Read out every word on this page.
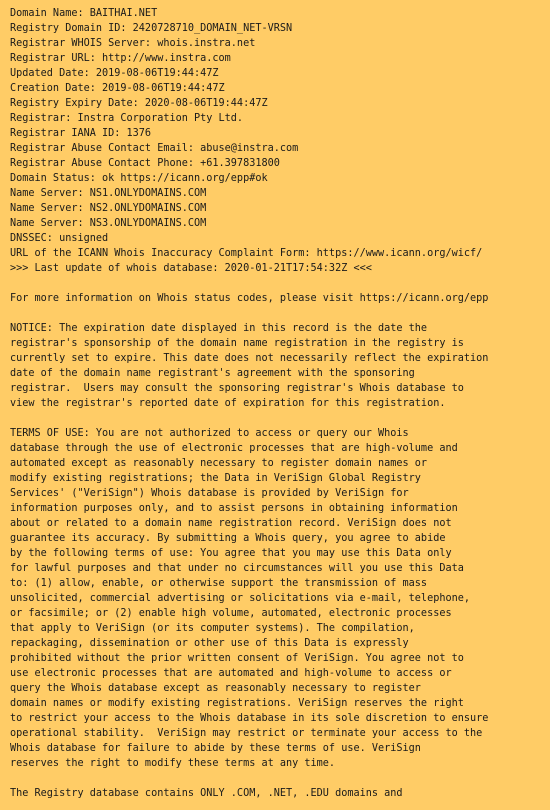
Domain Name: BAITHAI.NET
Registry Domain ID: 2420728710_DOMAIN_NET-VRSN
Registrar WHOIS Server: whois.instra.net
Registrar URL: http://www.instra.com
Updated Date: 2019-08-06T19:44:47Z
Creation Date: 2019-08-06T19:44:47Z
Registry Expiry Date: 2020-08-06T19:44:47Z
Registrar: Instra Corporation Pty Ltd.
Registrar IANA ID: 1376
Registrar Abuse Contact Email: abuse@instra.com
Registrar Abuse Contact Phone: +61.397831800
Domain Status: ok https://icann.org/epp#ok
Name Server: NS1.ONLYDOMAINS.COM
Name Server: NS2.ONLYDOMAINS.COM
Name Server: NS3.ONLYDOMAINS.COM
DNSSEC: unsigned
URL of the ICANN Whois Inaccuracy Complaint Form: https://www.icann.org/wicf/
>>> Last update of whois database: 2020-01-21T17:54:32Z <<<
For more information on Whois status codes, please visit https://icann.org/epp
NOTICE: The expiration date displayed in this record is the date the
registrar's sponsorship of the domain name registration in the registry is
currently set to expire. This date does not necessarily reflect the expiration
date of the domain name registrant's agreement with the sponsoring
registrar.  Users may consult the sponsoring registrar's Whois database to
view the registrar's reported date of expiration for this registration.
TERMS OF USE: You are not authorized to access or query our Whois
database through the use of electronic processes that are high-volume and
automated except as reasonably necessary to register domain names or
modify existing registrations; the Data in VeriSign Global Registry
Services' ("VeriSign") Whois database is provided by VeriSign for
information purposes only, and to assist persons in obtaining information
about or related to a domain name registration record. VeriSign does not
guarantee its accuracy. By submitting a Whois query, you agree to abide
by the following terms of use: You agree that you may use this Data only
for lawful purposes and that under no circumstances will you use this Data
to: (1) allow, enable, or otherwise support the transmission of mass
unsolicited, commercial advertising or solicitations via e-mail, telephone,
or facsimile; or (2) enable high volume, automated, electronic processes
that apply to VeriSign (or its computer systems). The compilation,
repackaging, dissemination or other use of this Data is expressly
prohibited without the prior written consent of VeriSign. You agree not to
use electronic processes that are automated and high-volume to access or
query the Whois database except as reasonably necessary to register
domain names or modify existing registrations. VeriSign reserves the right
to restrict your access to the Whois database in its sole discretion to ensure
operational stability.  VeriSign may restrict or terminate your access to the
Whois database for failure to abide by these terms of use. VeriSign
reserves the right to modify these terms at any time.
The Registry database contains ONLY .COM, .NET, .EDU domains and
